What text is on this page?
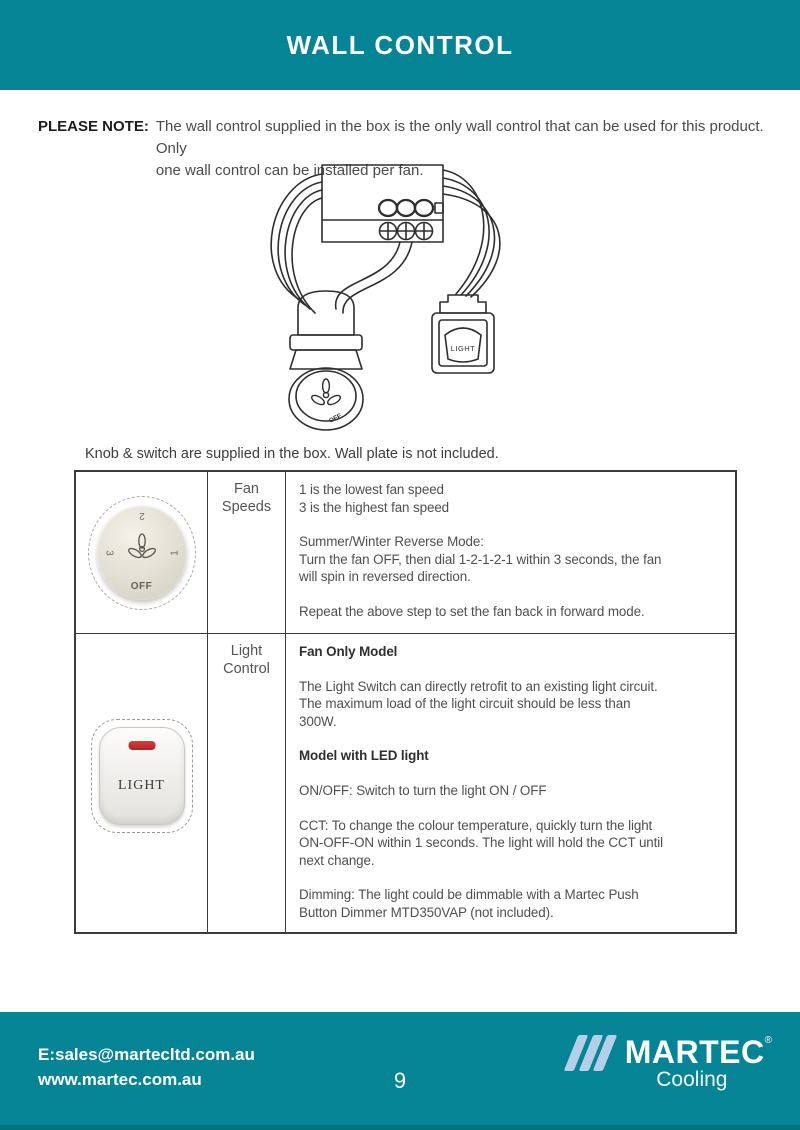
WALL CONTROL
PLEASE NOTE: The wall control supplied in the box is the only wall control that can be used for this product. Only
one wall control can be installed per fan.
OFF
LIGHT
Knob & switch are supplied in the box. Wall plate is not included.
2
3	1
OFF
Fan
Speeds
1 is the lowest fan speed
3 is the highest fan speed
Summer/Winter Reverse Mode:
Turn the fan OFF, then dial 1-2-1-2-1 within 3 seconds, the fan
will spin in reversed direction.
Repeat the above step to set the fan back in forward mode.
LIGHT
Light
Control
Fan Only Model
The Light Switch can directly retrofit to an existing light circuit.
The maximum load of the light circuit should be less than
300W.
Model with LED light
ON/OFF: Switch to turn the light ON / OFF
CCT: To change the colour temperature, quickly turn the light
ON-OFF-ON within 1 seconds. The light will hold the CCT until
next change.
Dimming: The light could be dimmable with a Martec Push
Button Dimmer MTD350VAP (not included).
E:sales@martecltd.com.au
www.martec.com.au	9
MARTEC ®
Cooling
